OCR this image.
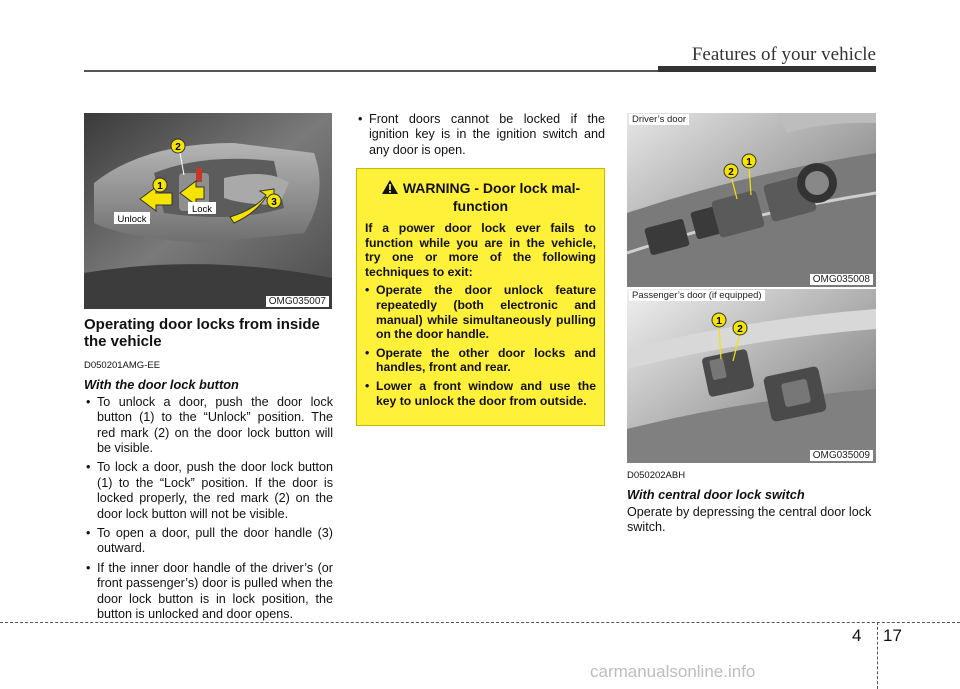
Features of your vehicle
2
1
3
Unlock
Lock
OMG035007
Operating door locks from inside the vehicle
D050201AMG-EE
With the door lock button
• To unlock a door, push the door lock button (1) to the “Unlock” position. The red mark (2) on the door lock button will be visible.
• To lock a door, push the door lock button (1) to the “Lock” position. If the door is locked properly, the red mark (2) on the door lock button will not be visible.
• To open a door, pull the door handle (3) outward.
• If the inner door handle of the driver’s (or front passenger’s) door is pulled when the door lock button is in lock position, the button is unlocked and door opens.
• Front doors cannot be locked if the ignition key is in the ignition switch and any door is open.
WARNING - Door lock malfunction
If a power door lock ever fails to function while you are in the vehicle, try one or more of the following techniques to exit:
• Operate the door unlock feature repeatedly (both electronic and manual) while simultaneously pulling on the door handle.
• Operate the other door locks and handles, front and rear.
• Lower a front window and use the key to unlock the door from outside.
2
1
Driver’s door
OMG035008
1
2
Passenger’s door (if equipped)
OMG035009
D050202ABH
With central door lock switch

Operate by depressing the central door lock switch.

4 17
carmanualsonline.info
